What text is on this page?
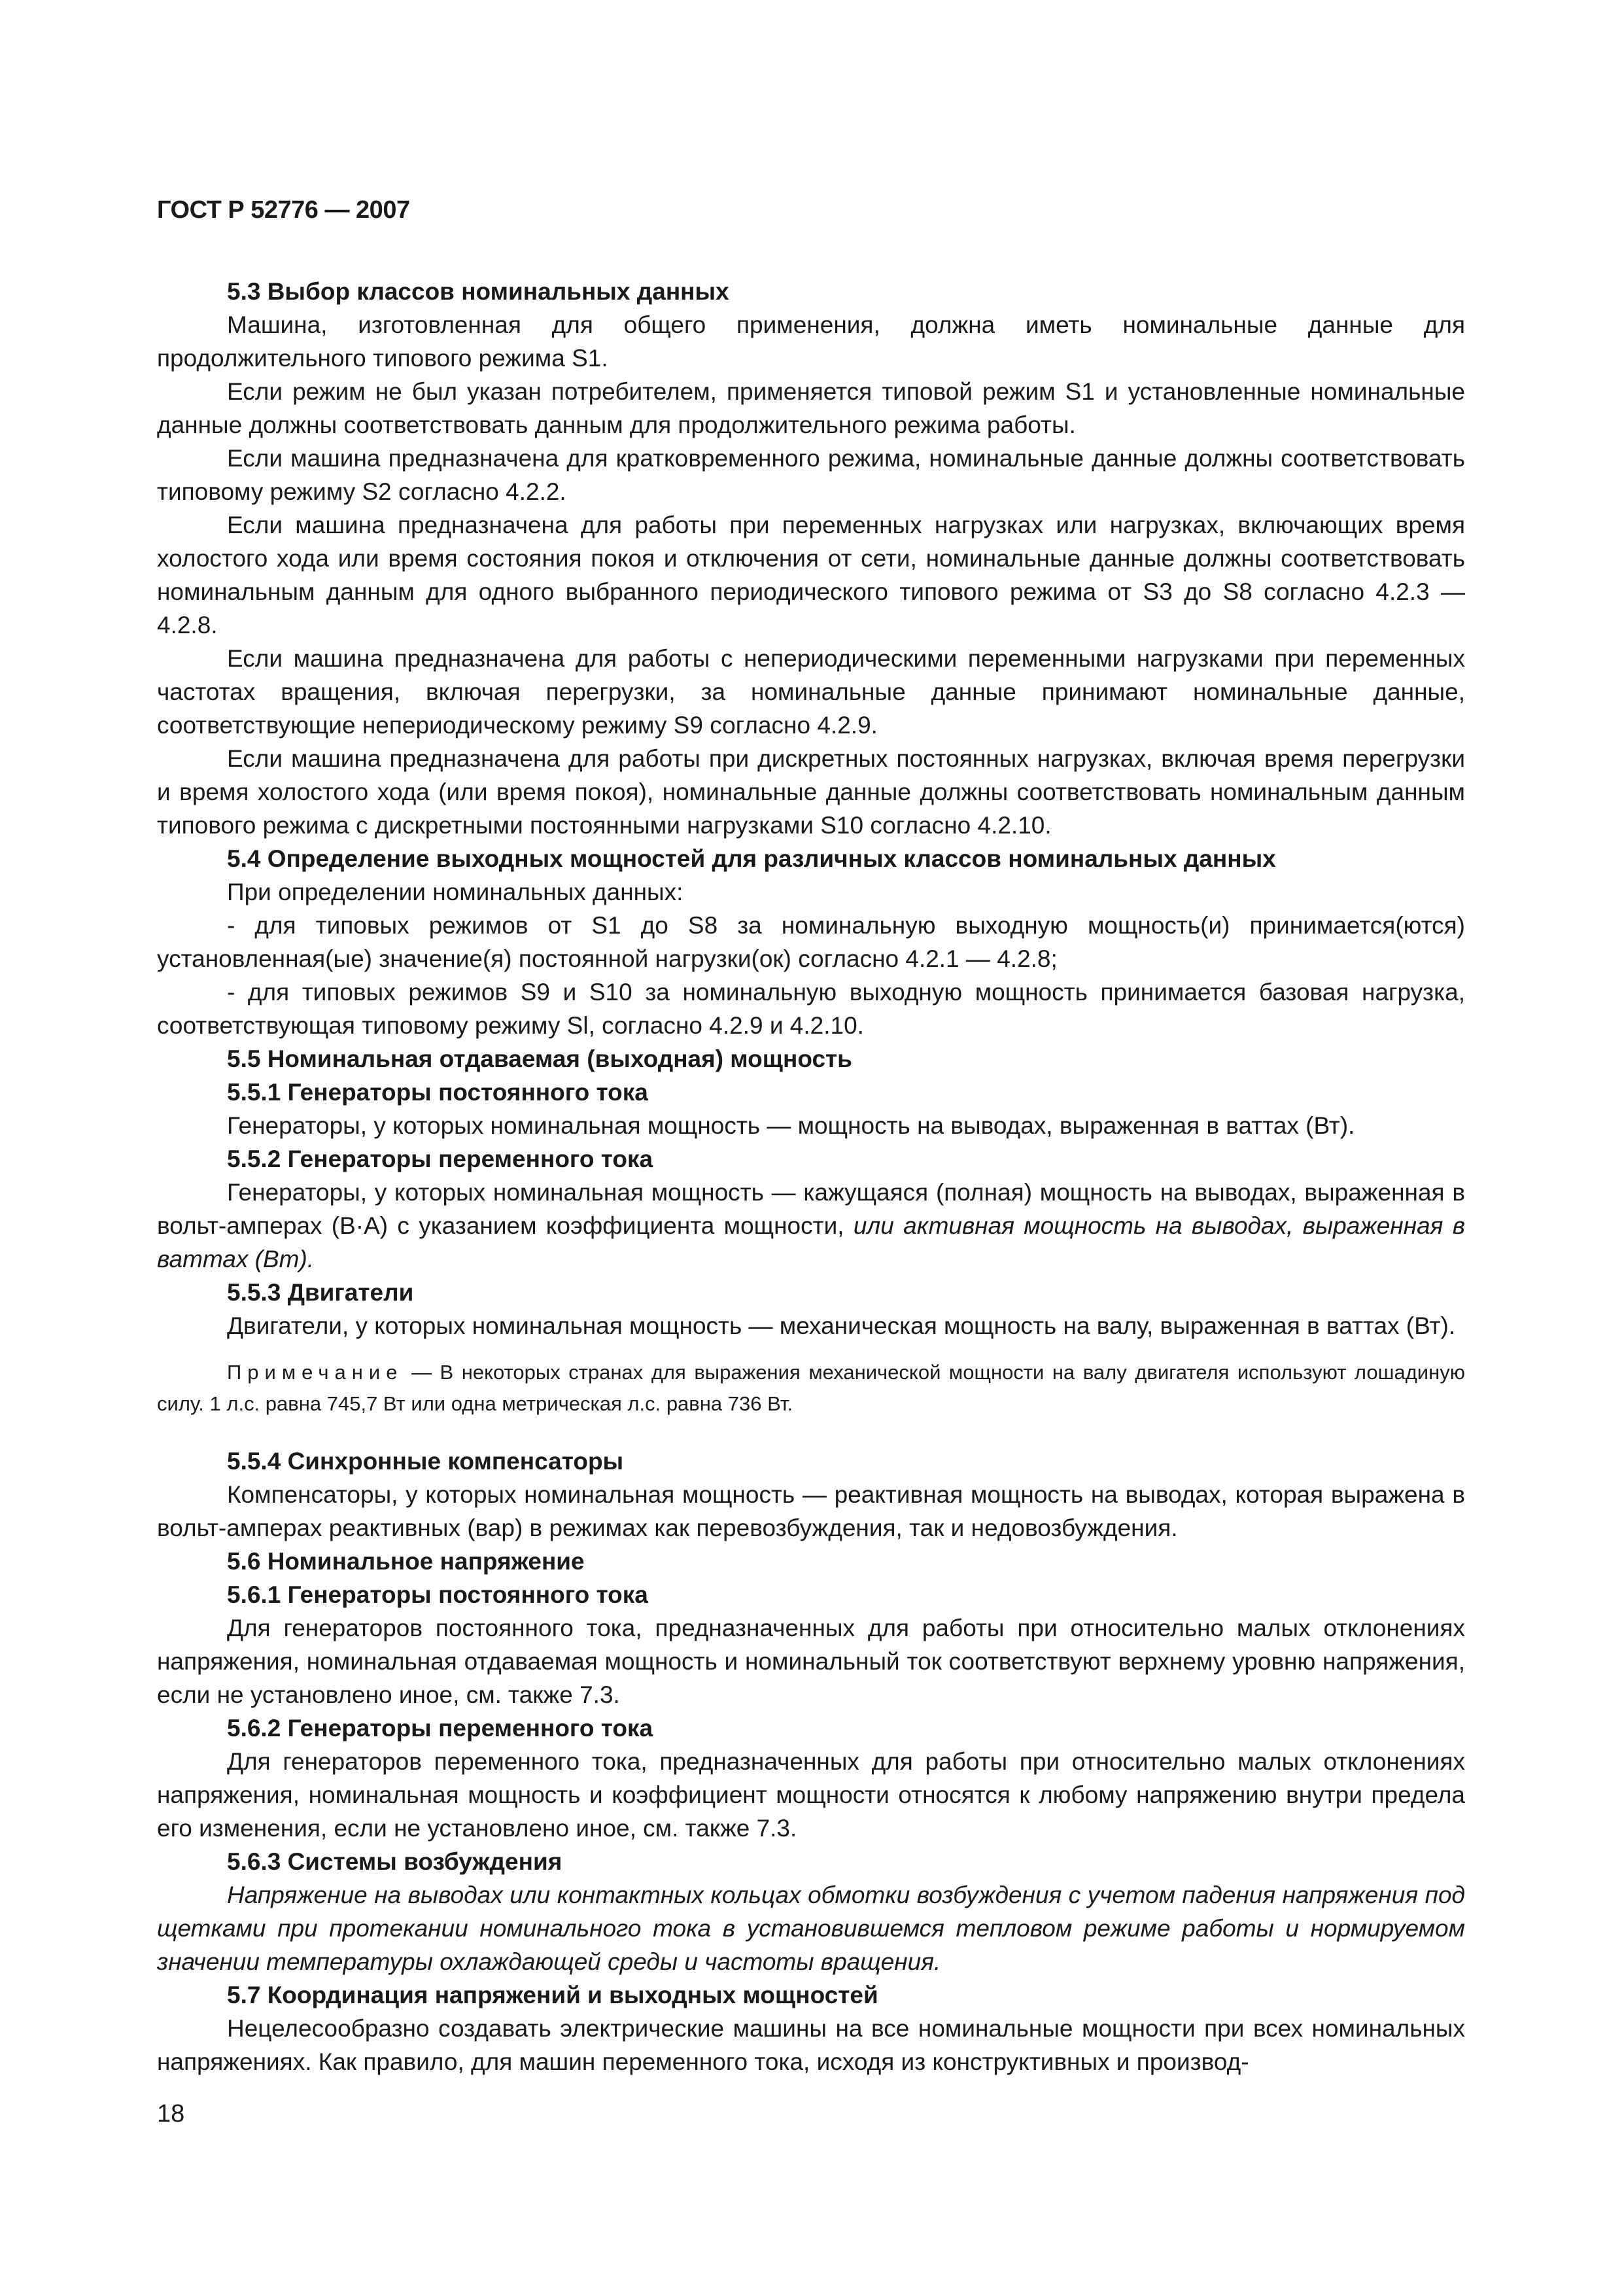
ГОСТ Р 52776 — 2007

5.3 Выбор классов номинальных данных

Машина, изготовленная для общего применения, должна иметь номинальные данные для продолжительного типового режима S1.

Если режим не был указан потребителем, применяется типовой режим S1 и установленные номинальные данные должны соответствовать данным для продолжительного режима работы.

Если машина предназначена для кратковременного режима, номинальные данные должны соответствовать типовому режиму S2 согласно 4.2.2.

Если машина предназначена для работы при переменных нагрузках или нагрузках, включающих время холостого хода или время состояния покоя и отключения от сети, номинальные данные должны соответствовать номинальным данным для одного выбранного периодического типового режима от S3 до S8 согласно 4.2.3 — 4.2.8.

Если машина предназначена для работы с непериодическими переменными нагрузками при переменных частотах вращения, включая перегрузки, за номинальные данные принимают номинальные данные, соответствующие непериодическому режиму S9 согласно 4.2.9.

Если машина предназначена для работы при дискретных постоянных нагрузках, включая время перегрузки и время холостого хода (или время покоя), номинальные данные должны соответствовать номинальным данным типового режима с дискретными постоянными нагрузками S10 согласно 4.2.10.

5.4 Определение выходных мощностей для различных классов номинальных данных

При определении номинальных данных:

- для типовых режимов от S1 до S8 за номинальную выходную мощность(и) принимается(ются) установленная(ые) значение(я) постоянной нагрузки(ок) согласно 4.2.1 — 4.2.8;

- для типовых режимов S9 и S10 за номинальную выходную мощность принимается базовая нагрузка, соответствующая типовому режиму Sl, согласно 4.2.9 и 4.2.10.

5.5 Номинальная отдаваемая (выходная) мощность

5.5.1 Генераторы постоянного тока

Генераторы, у которых номинальная мощность — мощность на выводах, выраженная в ваттах (Вт).

5.5.2 Генераторы переменного тока

Генераторы, у которых номинальная мощность — кажущаяся (полная) мощность на выводах, выраженная в вольт-амперах (В·А) с указанием коэффициента мощности, или активная мощность на выводах, выраженная в ваттах (Вт).

5.5.3 Двигатели

Двигатели, у которых номинальная мощность — механическая мощность на валу, выраженная в ваттах (Вт).

Примечание — В некоторых странах для выражения механической мощности на валу двигателя используют лошадиную силу. 1 л.с. равна 745,7 Вт или одна метрическая л.с. равна 736 Вт.

5.5.4 Синхронные компенсаторы

Компенсаторы, у которых номинальная мощность — реактивная мощность на выводах, которая выражена в вольт-амперах реактивных (вар) в режимах как перевозбуждения, так и недовозбуждения.

5.6 Номинальное напряжение

5.6.1 Генераторы постоянного тока

Для генераторов постоянного тока, предназначенных для работы при относительно малых отклонениях напряжения, номинальная отдаваемая мощность и номинальный ток соответствуют верхнему уровню напряжения, если не установлено иное, см. также 7.3.

5.6.2 Генераторы переменного тока

Для генераторов переменного тока, предназначенных для работы при относительно малых отклонениях напряжения, номинальная мощность и коэффициент мощности относятся к любому напряжению внутри предела его изменения, если не установлено иное, см. также 7.3.

5.6.3 Системы возбуждения

Напряжение на выводах или контактных кольцах обмотки возбуждения с учетом падения напряжения под щетками при протекании номинального тока в установившемся тепловом режиме работы и нормируемом значении температуры охлаждающей среды и частоты вращения.

5.7 Координация напряжений и выходных мощностей

Нецелесообразно создавать электрические машины на все номинальные мощности при всех номинальных напряжениях. Как правило, для машин переменного тока, исходя из конструктивных и производ-

18
